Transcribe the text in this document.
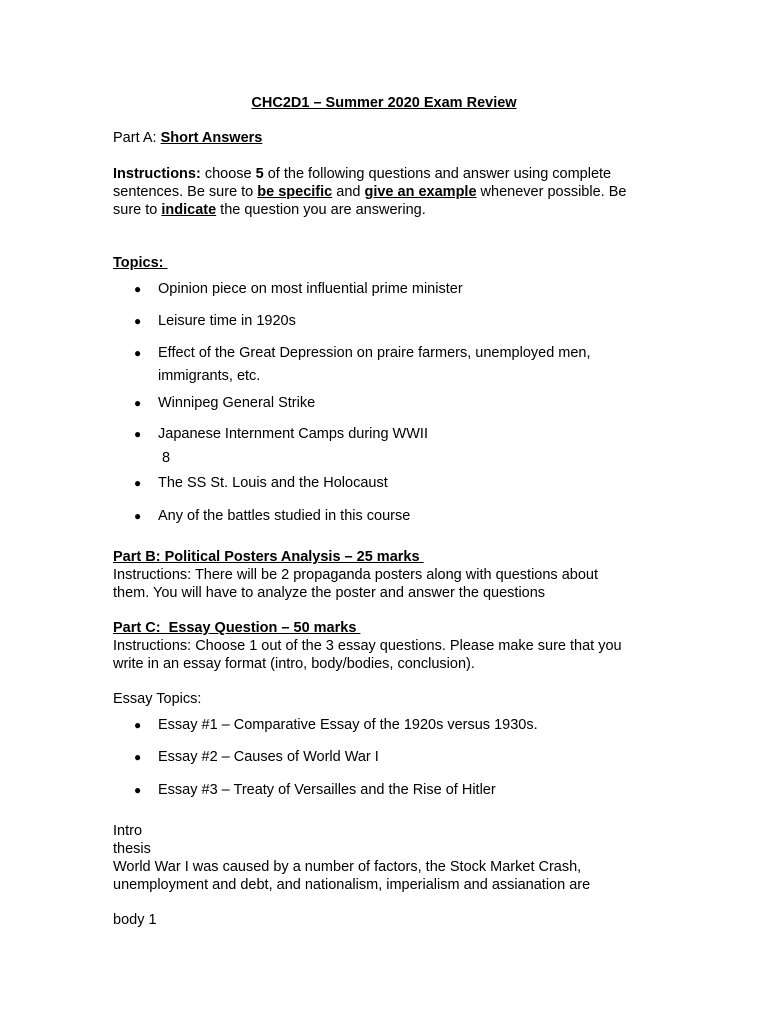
CHC2D1 – Summer 2020 Exam Review
Part A: Short Answers
Instructions: choose 5 of the following questions and answer using complete
sentences. Be sure to be specific and give an example whenever possible. Be
sure to indicate the question you are answering.
Topics:
● Opinion piece on most influential prime minister
● Leisure time in 1920s
● Effect of the Great Depression on praire farmers, unemployed men,
immigrants, etc.
● Winnipeg General Strike
● Japanese Internment Camps during WWII
8
● The SS St. Louis and the Holocaust
● Any of the battles studied in this course
Part B: Political Posters Analysis – 25 marks
Instructions: There will be 2 propaganda posters along with questions about
them. You will have to analyze the poster and answer the questions
Part C:  Essay Question – 50 marks
Instructions: Choose 1 out of the 3 essay questions. Please make sure that you
write in an essay format (intro, body/bodies, conclusion).
Essay Topics:
● Essay #1 – Comparative Essay of the 1920s versus 1930s.
● Essay #2 – Causes of World War I
● Essay #3 – Treaty of Versailles and the Rise of Hitler
Intro
thesis
World War I was caused by a number of factors, the Stock Market Crash,
unemployment and debt, and nationalism, imperialism and assianation are
body 1
